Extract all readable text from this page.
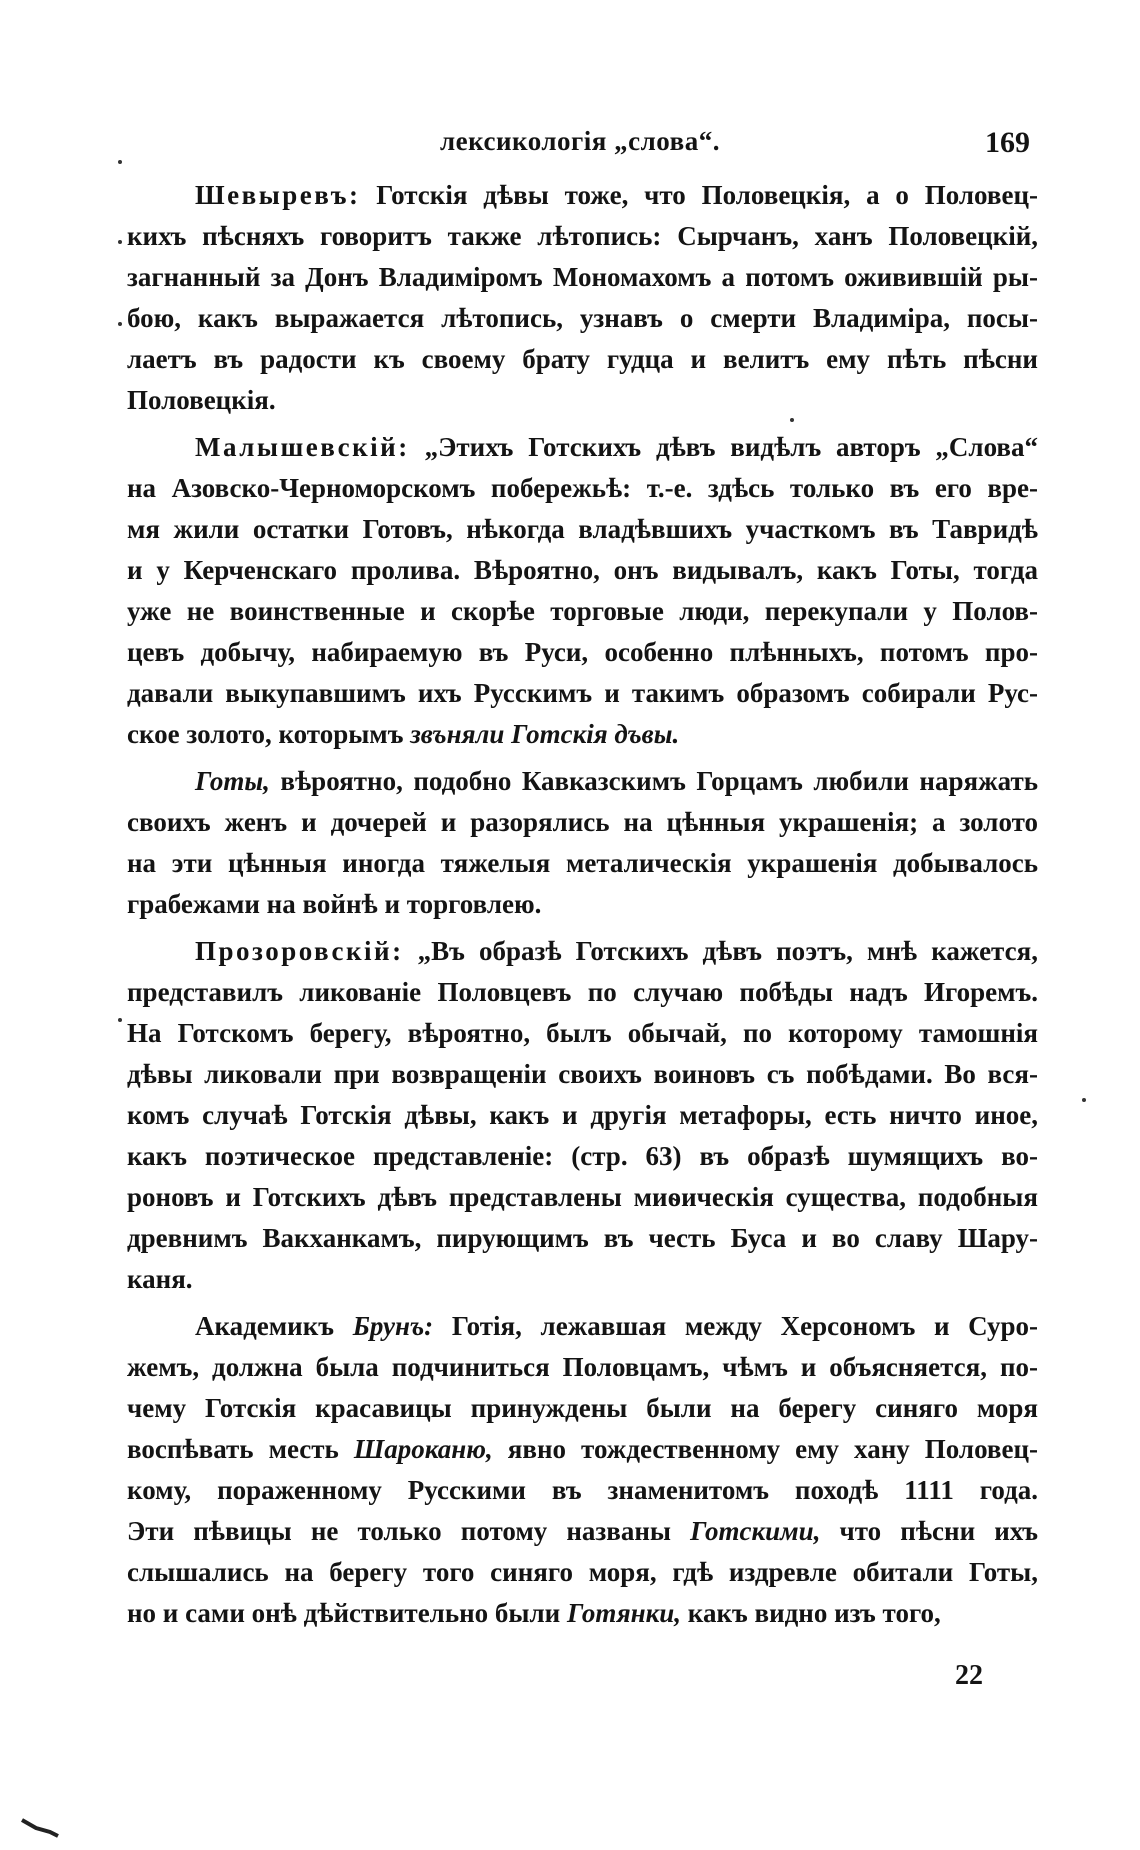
лексикологія „слова“.	169
Шевыревъ: Готскія дѣвы тоже, что Половецкія, а о Половец-
кихъ пѣсняхъ говоритъ также лѣтопись: Сырчанъ, ханъ Половецкій,
загнанный за Донъ Владиміромъ Мономахомъ а потомъ оживившій ры-
бою, какъ выражается лѣтопись, узнавъ о смерти Владиміра, посы-
лаетъ въ радости къ своему брату гудца и велитъ ему пѣть пѣсни
Половецкія.
Малышевскій: „Этихъ Готскихъ дѣвъ видѣлъ авторъ „Слова“
на Азовско-Черноморскомъ побережьѣ: т.-е. здѣсь только въ его вре-
мя жили остатки Готовъ, нѣкогда владѣвшихъ участкомъ въ Тавридѣ
и у Керченскаго пролива. Вѣроятно, онъ видывалъ, какъ Готы, тогда
уже не воинственные и скорѣе торговые люди, перекупали у Полов-
цевъ добычу, набираемую въ Руси, особенно плѣнныхъ, потомъ про-
давали выкупавшимъ ихъ Русскимъ и такимъ образомъ собирали Рус-
ское золото, которымъ звъняли Готскія дъвы.
Готы, вѣроятно, подобно Кавказскимъ Горцамъ любили наряжать
своихъ женъ и дочерей и разорялись на цѣнныя украшенія; а золото
на эти цѣнныя иногда тяжелыя металическія украшенія добывалось
грабежами на войнѣ и торговлею.
Прозоровскій: „Въ образѣ Готскихъ дѣвъ поэтъ, мнѣ кажется,
представилъ ликованіе Половцевъ по случаю побѣды надъ Игоремъ.
На Готскомъ берегу, вѣроятно, былъ обычай, по которому тамошнія
дѣвы ликовали при возвращеніи своихъ воиновъ съ побѣдами. Во вся-
комъ случаѣ Готскія дѣвы, какъ и другія метафоры, есть ничто иное,
какъ поэтическое представленіе: (стр. 63) въ образѣ шумящихъ во-
роновъ и Готскихъ дѣвъ представлены миѳическія существа, подобныя
древнимъ Вакханкамъ, пирующимъ въ честь Буса и во славу Шару-
каня.
Академикъ Брунъ: Готія, лежавшая между Херсономъ и Суро-
жемъ, должна была подчиниться Половцамъ, чѣмъ и объясняется, по-
чему Готскія красавицы принуждены были на берегу синяго моря
воспѣвать месть Шароканю, явно тождественному ему хану Половец-
кому, пораженному Русскими въ знаменитомъ походѣ 1111 года.
Эти пѣвицы не только потому названы Готскими, что пѣсни ихъ
слышались на берегу того синяго моря, гдѣ издревле обитали Готы,
но и сами онѣ дѣйствительно были Готянки, какъ видно изъ того,
22
